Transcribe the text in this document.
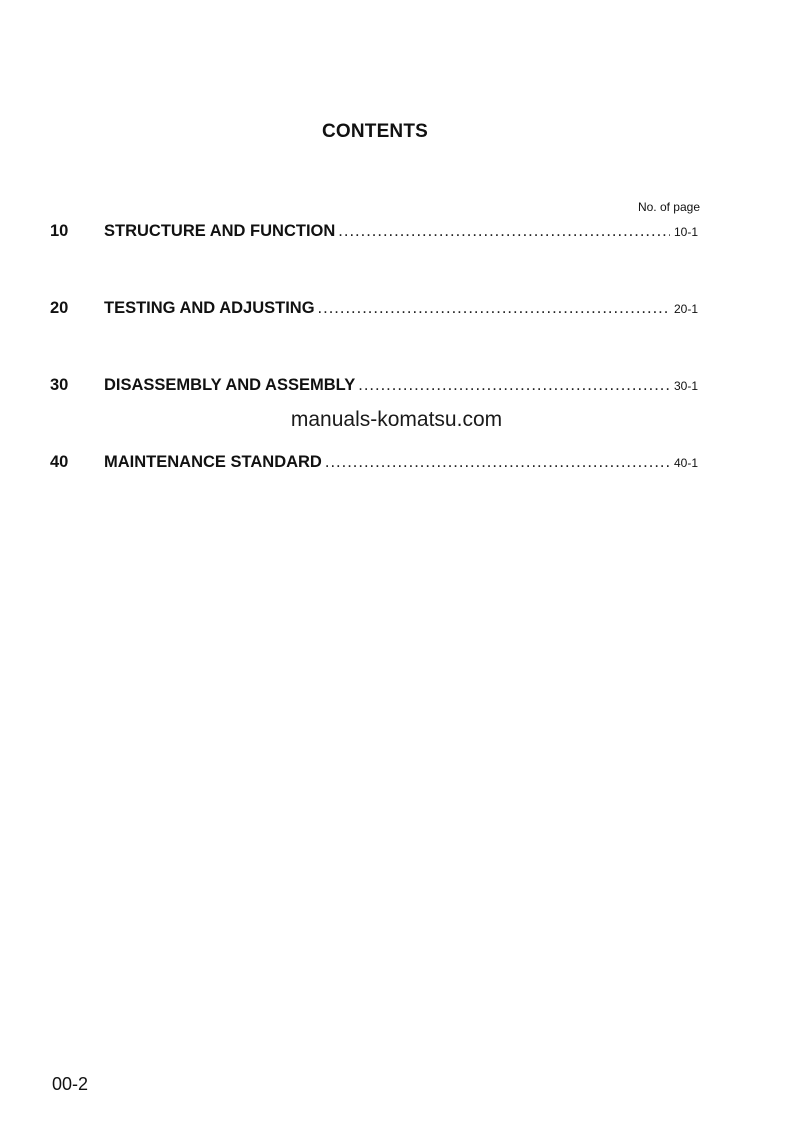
CONTENTS
No. of page
10	STRUCTURE AND FUNCTION .....	10-1
20	TESTING AND ADJUSTING .....	20-1
30	DISASSEMBLY AND ASSEMBLY .....	30-1
manuals-komatsu.com
40	MAINTENANCE STANDARD .....	40-1
00-2
